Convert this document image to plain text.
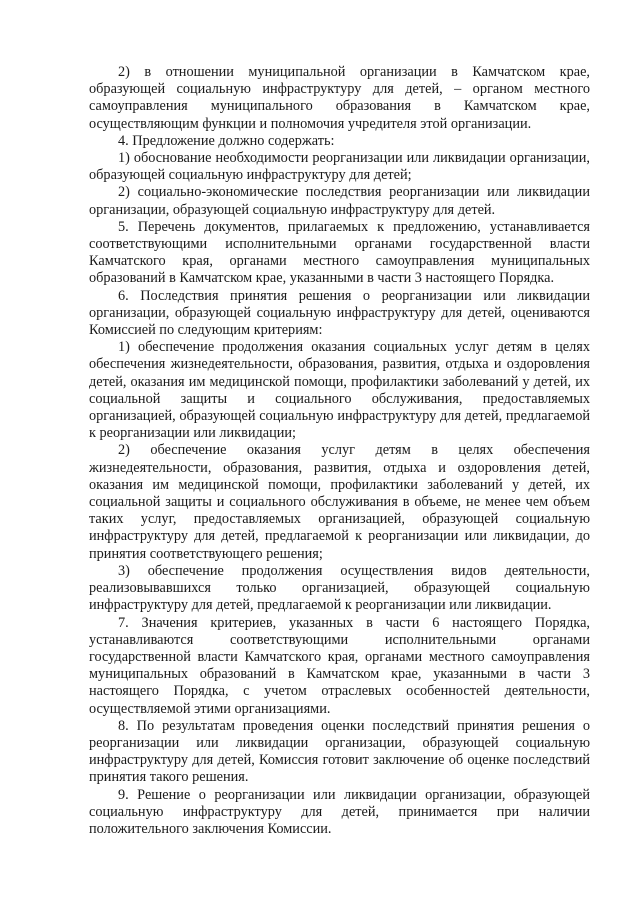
2) в отношении муниципальной организации в Камчатском крае, образующей социальную инфраструктуру для детей, – органом местного самоуправления муниципального образования в Камчатском крае, осуществляющим функции и полномочия учредителя этой организации.

4. Предложение должно содержать:

1) обоснование необходимости реорганизации или ликвидации организации, образующей социальную инфраструктуру для детей;

2) социально-экономические последствия реорганизации или ликвидации организации, образующей социальную инфраструктуру для детей.

5. Перечень документов, прилагаемых к предложению, устанавливается соответствующими исполнительными органами государственной власти Камчатского края, органами местного самоуправления муниципальных образований в Камчатском крае, указанными в части 3 настоящего Порядка.

6. Последствия принятия решения о реорганизации или ликвидации организации, образующей социальную инфраструктуру для детей, оцениваются Комиссией по следующим критериям:

1) обеспечение продолжения оказания социальных услуг детям в целях обеспечения жизнедеятельности, образования, развития, отдыха и оздоровления детей, оказания им медицинской помощи, профилактики заболеваний у детей, их социальной защиты и социального обслуживания, предоставляемых организацией, образующей социальную инфраструктуру для детей, предлагаемой к реорганизации или ликвидации;

2) обеспечение оказания услуг детям в целях обеспечения жизнедеятельности, образования, развития, отдыха и оздоровления детей, оказания им медицинской помощи, профилактики заболеваний у детей, их социальной защиты и социального обслуживания в объеме, не менее чем объем таких услуг, предоставляемых организацией, образующей социальную инфраструктуру для детей, предлагаемой к реорганизации или ликвидации, до принятия соответствующего решения;

3) обеспечение продолжения осуществления видов деятельности, реализовывавшихся только организацией, образующей социальную инфраструктуру для детей, предлагаемой к реорганизации или ликвидации.

7. Значения критериев, указанных в части 6 настоящего Порядка, устанавливаются соответствующими исполнительными органами государственной власти Камчатского края, органами местного самоуправления муниципальных образований в Камчатском крае, указанными в части 3 настоящего Порядка, с учетом отраслевых особенностей деятельности, осуществляемой этими организациями.

8. По результатам проведения оценки последствий принятия решения о реорганизации или ликвидации организации, образующей социальную инфраструктуру для детей, Комиссия готовит заключение об оценке последствий принятия такого решения.

9. Решение о реорганизации или ликвидации организации, образующей социальную инфраструктуру для детей, принимается при наличии положительного заключения Комиссии.
